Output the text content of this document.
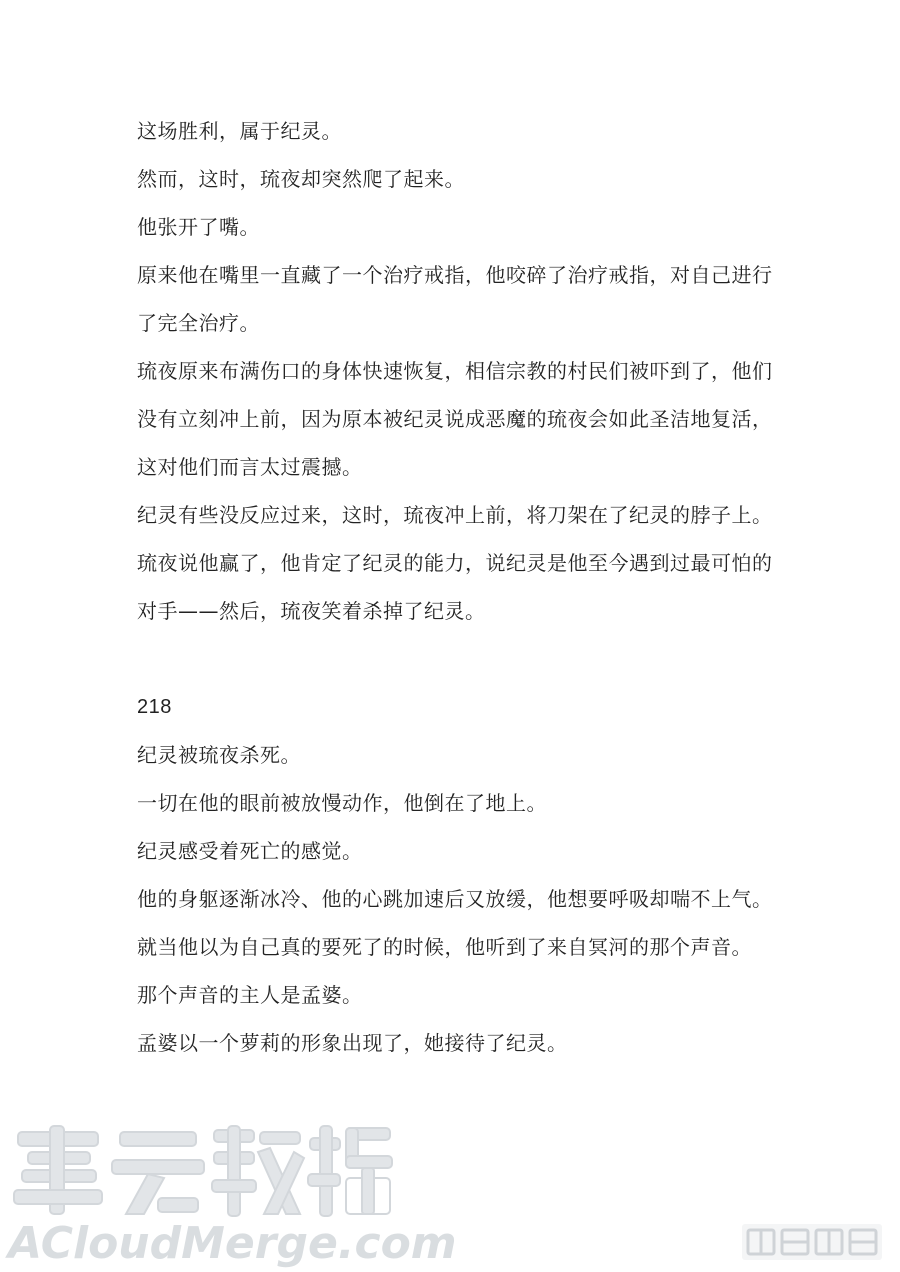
这场胜利，属于纪灵。

然而，这时，琉夜却突然爬了起来。

他张开了嘴。

原来他在嘴里一直藏了一个治疗戒指，他咬碎了治疗戒指，对自己进行了完全治疗。

琉夜原来布满伤口的身体快速恢复，相信宗教的村民们被吓到了，他们没有立刻冲上前，因为原本被纪灵说成恶魔的琉夜会如此圣洁地复活，这对他们而言太过震撼。

纪灵有些没反应过来，这时，琉夜冲上前，将刀架在了纪灵的脖子上。

琉夜说他赢了，他肯定了纪灵的能力，说纪灵是他至今遇到过最可怕的对手——然后，琉夜笑着杀掉了纪灵。

218

纪灵被琉夜杀死。

一切在他的眼前被放慢动作，他倒在了地上。

纪灵感受着死亡的感觉。

他的身躯逐渐冰冷、他的心跳加速后又放缓，他想要呼吸却喘不上气。

就当他以为自己真的要死了的时候，他听到了来自冥河的那个声音。

那个声音的主人是孟婆。

孟婆以一个萝莉的形象出现了，她接待了纪灵。

ACloudMerge.com
